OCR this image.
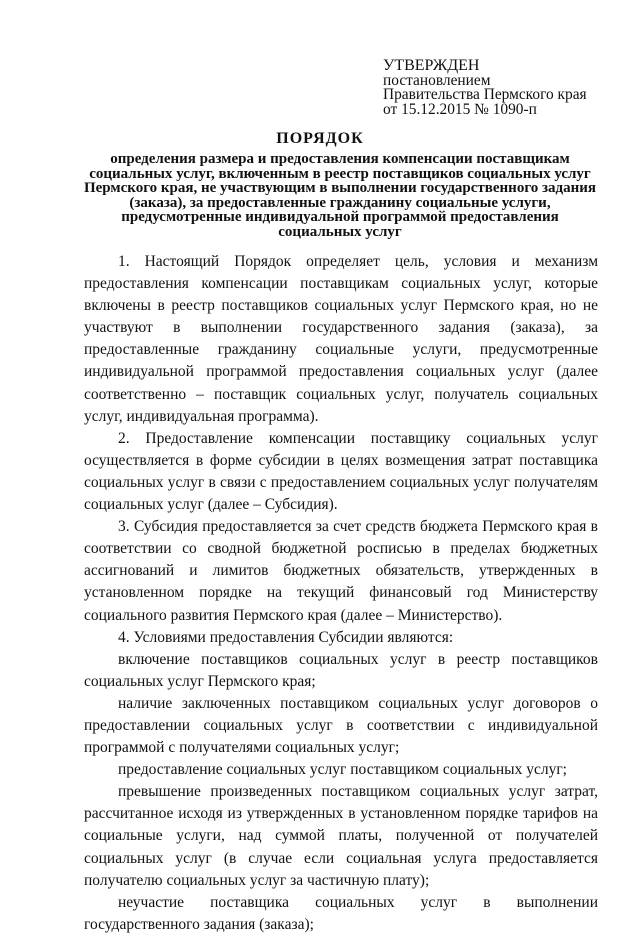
УТВЕРЖДЕН
постановлением
Правительства Пермского края
от 15.12.2015 № 1090-п
ПОРЯДОК
определения размера и предоставления компенсации поставщикам
социальных услуг, включенным в реестр поставщиков социальных услуг
Пермского края, не участвующим в выполнении государственного задания
(заказа), за предоставленные гражданину социальные услуги,
предусмотренные индивидуальной программой предоставления
социальных услуг

1. Настоящий Порядок определяет цель, условия и механизм предоставления компенсации поставщикам социальных услуг, которые включены в реестр поставщиков социальных услуг Пермского края, но не участвуют в выполнении государственного задания (заказа), за предоставленные гражданину социальные услуги, предусмотренные индивидуальной программой предоставления социальных услуг (далее соответственно – поставщик социальных услуг, получатель социальных услуг, индивидуальная программа).

2. Предоставление компенсации поставщику социальных услуг осуществляется в форме субсидии в целях возмещения затрат поставщика социальных услуг в связи с предоставлением социальных услуг получателям социальных услуг (далее – Субсидия).

3. Субсидия предоставляется за счет средств бюджета Пермского края в соответствии со сводной бюджетной росписью в пределах бюджетных ассигнований и лимитов бюджетных обязательств, утвержденных в установленном порядке на текущий финансовый год Министерству социального развития Пермского края (далее – Министерство).

4. Условиями предоставления Субсидии являются:

включение поставщиков социальных услуг в реестр поставщиков социальных услуг Пермского края;

наличие заключенных поставщиком социальных услуг договоров о предоставлении социальных услуг в соответствии с индивидуальной программой с получателями социальных услуг;

предоставление социальных услуг поставщиком социальных услуг;

превышение произведенных поставщиком социальных услуг затрат, рассчитанное исходя из утвержденных в установленном порядке тарифов на социальные услуги, над суммой платы, полученной от получателей социальных услуг (в случае если социальная услуга предоставляется получателю социальных услуг за частичную плату);

неучастие поставщика социальных услуг в выполнении государственного задания (заказа);
